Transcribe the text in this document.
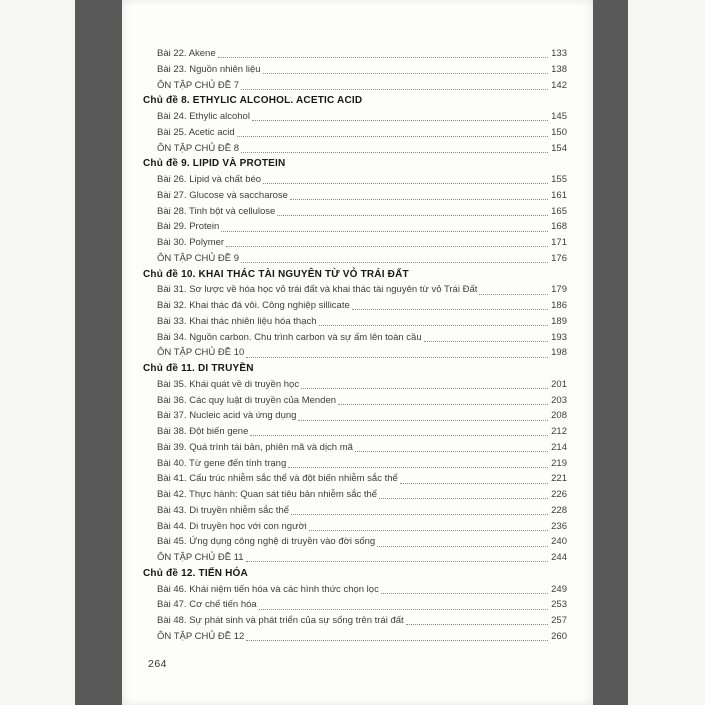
Bài 22. Akene	133
Bài 23. Nguồn nhiên liệu	138
ÔN TẬP CHỦ ĐỀ 7	142
Chủ đề 8. ETHYLIC ALCOHOL. ACETIC ACID
Bài 24. Ethylic alcohol	145
Bài 25. Acetic acid	150
ÔN TẬP CHỦ ĐỀ 8	154
Chủ đề 9. LIPID VÀ PROTEIN
Bài 26. Lipid và chất béo	155
Bài 27. Glucose và saccharose	161
Bài 28. Tinh bột và cellulose	165
Bài 29. Protein	168
Bài 30. Polymer	171
ÔN TẬP CHỦ ĐỀ 9	176
Chủ đề 10. KHAI THÁC TÀI NGUYÊN TỪ VỎ TRÁI ĐẤT
Bài 31. Sơ lược về hóa học vỏ trái đất và khai thác tài nguyên từ vỏ Trái Đất	179
Bài 32. Khai thác đá vôi. Công nghiệp sillicate	186
Bài 33. Khai thác nhiên liệu hóa thạch	189
Bài 34. Nguồn carbon. Chu trình carbon và sự ấm lên toàn cầu	193
ÔN TẬP CHỦ ĐỀ 10	198
Chủ đề 11. DI TRUYỀN
Bài 35. Khái quát về di truyền học	201
Bài 36. Các quy luật di truyền của Menden	203
Bài 37. Nucleic acid và ứng dụng	208
Bài 38. Đột biến gene	212
Bài 39. Quá trình tái bản, phiên mã và dịch mã	214
Bài 40. Từ gene đến tính trạng	219
Bài 41. Cấu trúc nhiễm sắc thể và đột biến nhiễm sắc thể	221
Bài 42. Thực hành: Quan sát tiêu bản nhiễm sắc thể	226
Bài 43. Di truyền nhiễm sắc thể	228
Bài 44. Di truyền học với con người	236
Bài 45. Ứng dụng công nghệ di truyền vào đời sống	240
ÔN TẬP CHỦ ĐỀ 11	244
Chủ đề 12. TIẾN HÓA
Bài 46. Khái niệm tiến hóa và các hình thức chọn lọc	249
Bài 47. Cơ chế tiến hóa	253
Bài 48. Sự phát sinh và phát triển của sự sống trên trái đất	257
ÔN TẬP CHỦ ĐỀ 12	260
264
